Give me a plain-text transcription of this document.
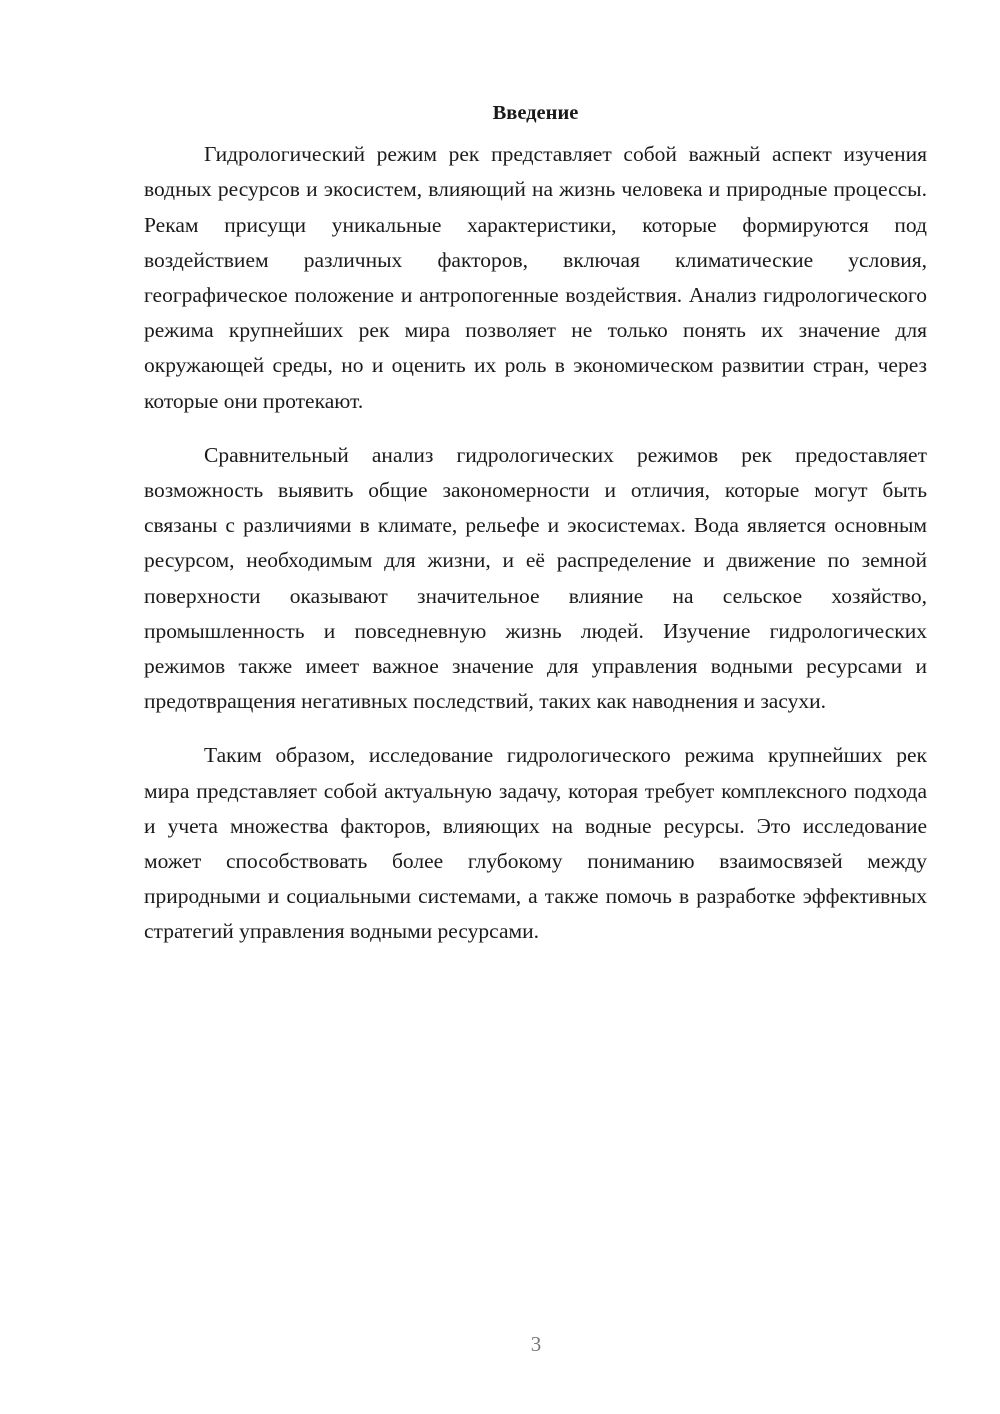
Введение

Гидрологический режим рек представляет собой важный аспект изучения водных ресурсов и экосистем, влияющий на жизнь человека и природные процессы. Рекам присущи уникальные характеристики, которые формируются под воздействием различных факторов, включая климатические условия, географическое положение и антропогенные воздействия. Анализ гидрологического режима крупнейших рек мира позволяет не только понять их значение для окружающей среды, но и оценить их роль в экономическом развитии стран, через которые они протекают.

Сравнительный анализ гидрологических режимов рек предоставляет возможность выявить общие закономерности и отличия, которые могут быть связаны с различиями в климате, рельефе и экосистемах. Вода является основным ресурсом, необходимым для жизни, и её распределение и движение по земной поверхности оказывают значительное влияние на сельское хозяйство, промышленность и повседневную жизнь людей. Изучение гидрологических режимов также имеет важное значение для управления водными ресурсами и предотвращения негативных последствий, таких как наводнения и засухи.

Таким образом, исследование гидрологического режима крупнейших рек мира представляет собой актуальную задачу, которая требует комплексного подхода и учета множества факторов, влияющих на водные ресурсы. Это исследование может способствовать более глубокому пониманию взаимосвязей между природными и социальными системами, а также помочь в разработке эффективных стратегий управления водными ресурсами.

3
